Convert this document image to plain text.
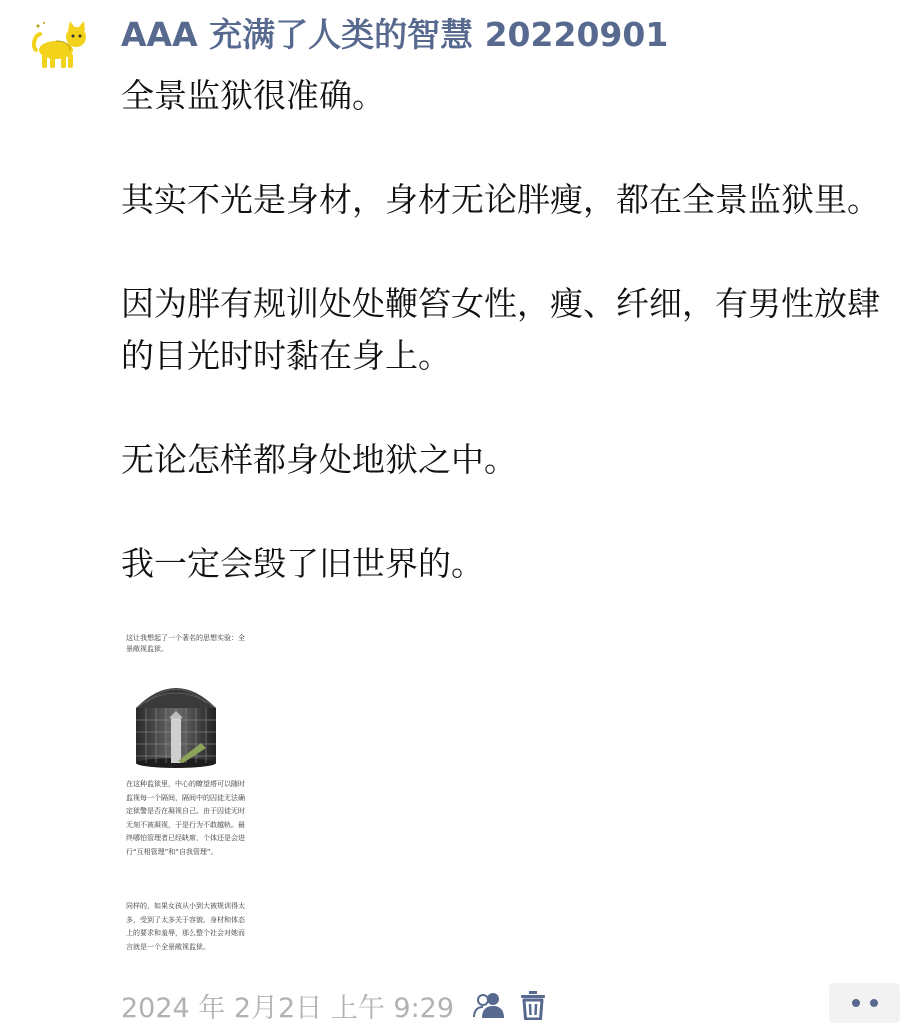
AAA 充满了人类的智慧 20220901

全景监狱很准确。

其实不光是身材，身材无论胖瘦，都在全景监狱里。

因为胖有规训处处鞭笞女性，瘦、纤细，有男性放肆的目光时时黏在身上。

无论怎样都身处地狱之中。

我一定会毁了旧世界的。

这让我想起了一个著名的思想实验：全景敞视监狱。
在这种监狱里，中心的瞭望塔可以随时监视每一个隔间，隔间中的囚徒无法确定狱警是否在凝视自己。由于囚徒无时无刻不被凝视，于是行为不敢越轨。最终哪怕管理者已经缺席，个体还是会进行“互相管理”和“自我管理”。
同样的，如果女孩从小到大被规训得太多，受到了太多关于容貌、身材和体态上的要求和羞辱，那么整个社会对她而言就是一个全景敞视监狱。
2024 年 2月2日 上午 9:29
